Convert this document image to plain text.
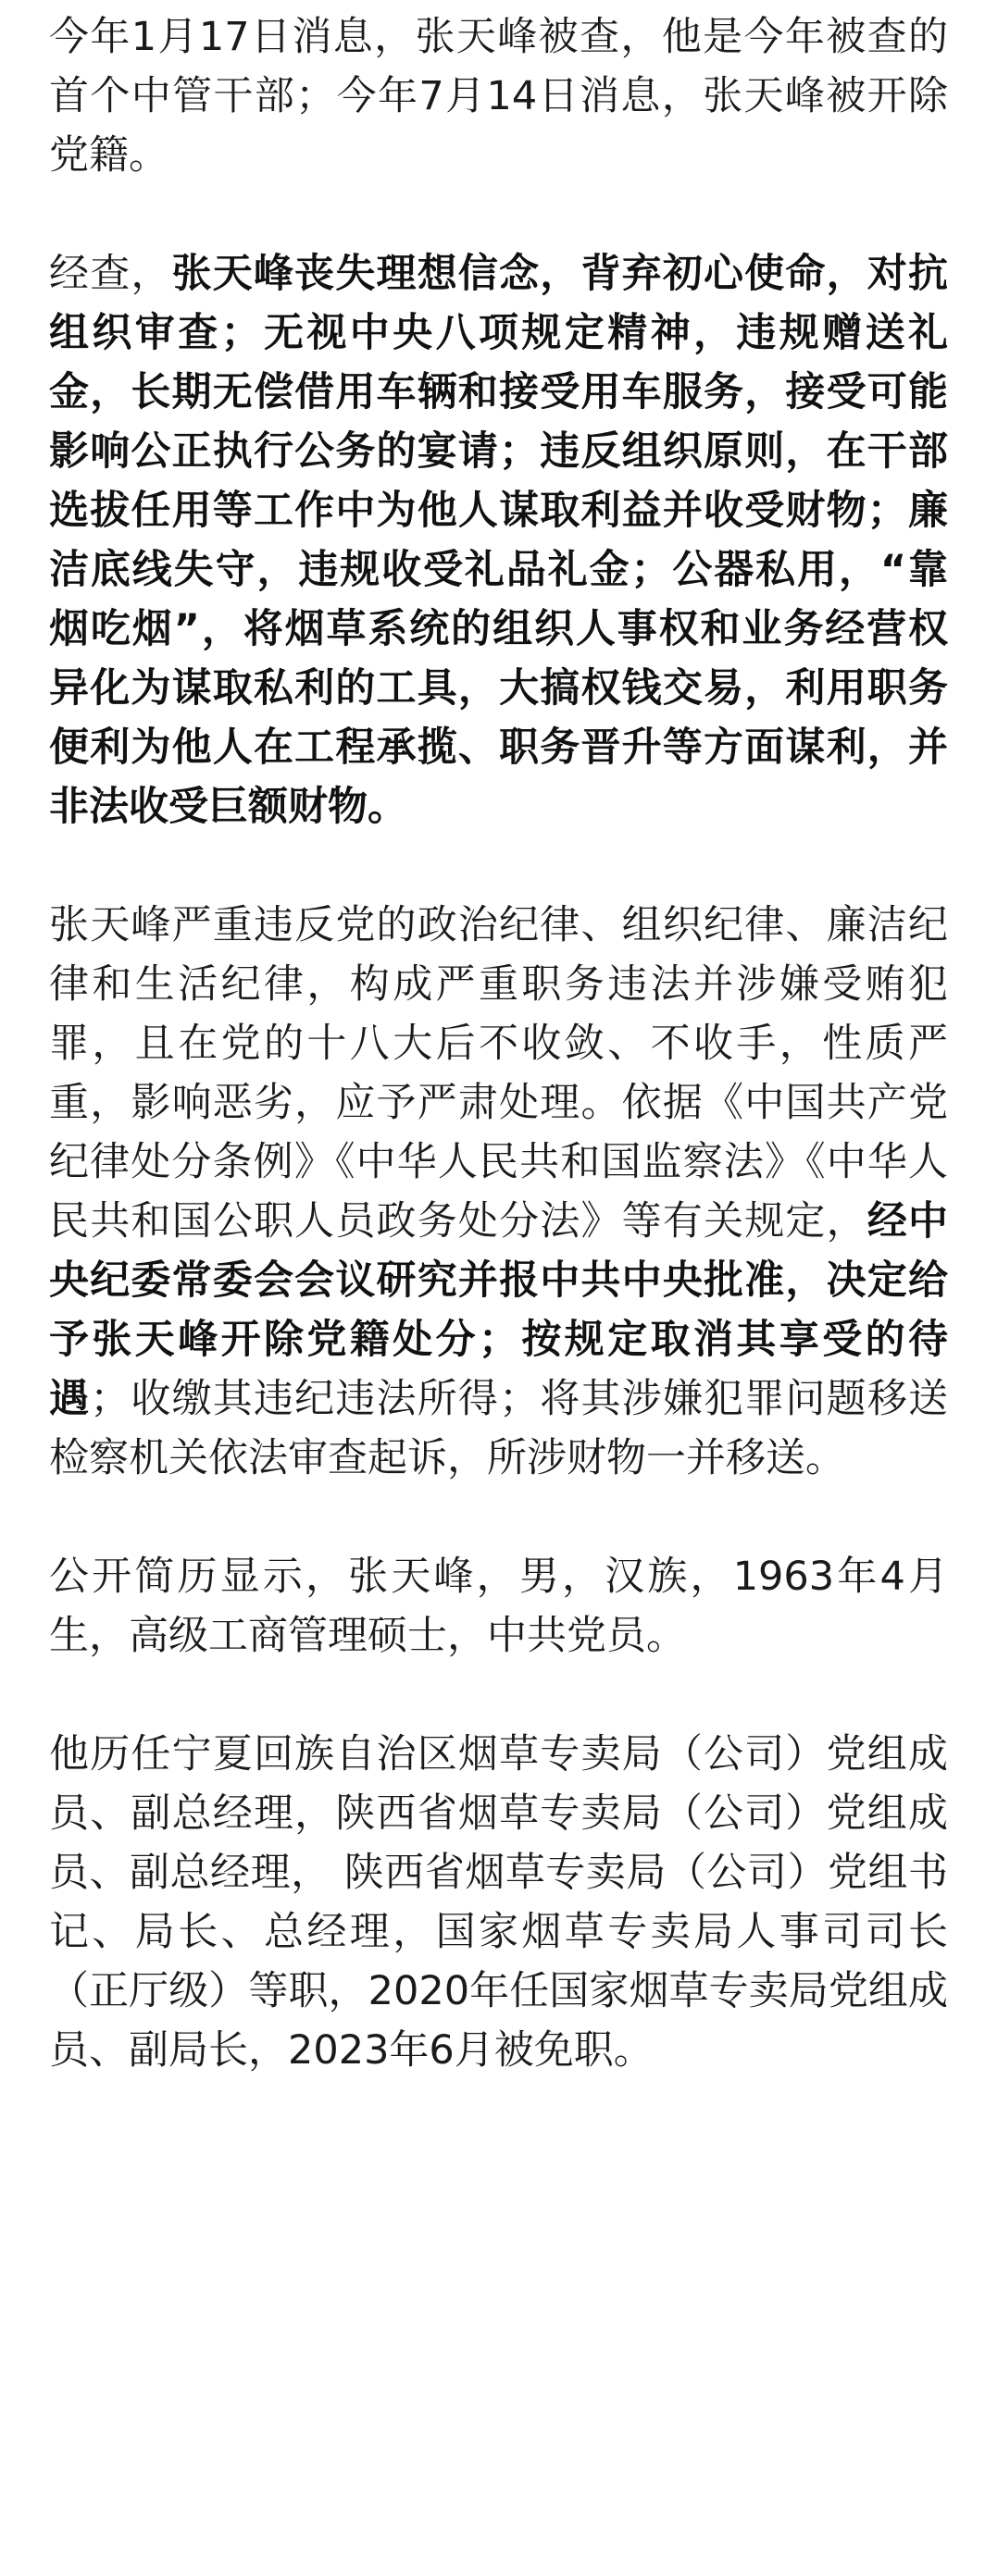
今年1月17日消息，张天峰被查，他是今年被查的首个中管干部；今年7月14日消息，张天峰被开除党籍。

经查，张天峰丧失理想信念，背弃初心使命，对抗组织审查；无视中央八项规定精神，违规赠送礼金，长期无偿借用车辆和接受用车服务，接受可能影响公正执行公务的宴请；违反组织原则，在干部选拔任用等工作中为他人谋取利益并收受财物；廉洁底线失守，违规收受礼品礼金；公器私用，“靠烟吃烟”，将烟草系统的组织人事权和业务经营权异化为谋取私利的工具，大搞权钱交易，利用职务便利为他人在工程承揽、职务晋升等方面谋利，并非法收受巨额财物。

张天峰严重违反党的政治纪律、组织纪律、廉洁纪律和生活纪律，构成严重职务违法并涉嫌受贿犯罪，且在党的十八大后不收敛、不收手，性质严重，影响恶劣，应予严肃处理。依据《中国共产党纪律处分条例》《中华人民共和国监察法》《中华人民共和国公职人员政务处分法》等有关规定，经中央纪委常委会会议研究并报中共中央批准，决定给予张天峰开除党籍处分；按规定取消其享受的待遇；收缴其违纪违法所得；将其涉嫌犯罪问题移送检察机关依法审查起诉，所涉财物一并移送。

公开简历显示，张天峰，男，汉族，1963年4月生，高级工商管理硕士，中共党员。

他历任宁夏回族自治区烟草专卖局（公司）党组成员、副总经理，陕西省烟草专卖局（公司）党组成员、副总经理， 陕西省烟草专卖局（公司）党组书记、局长、总经理，国家烟草专卖局人事司司长（正厅级）等职，2020年任国家烟草专卖局党组成员、副局长，2023年6月被免职。
